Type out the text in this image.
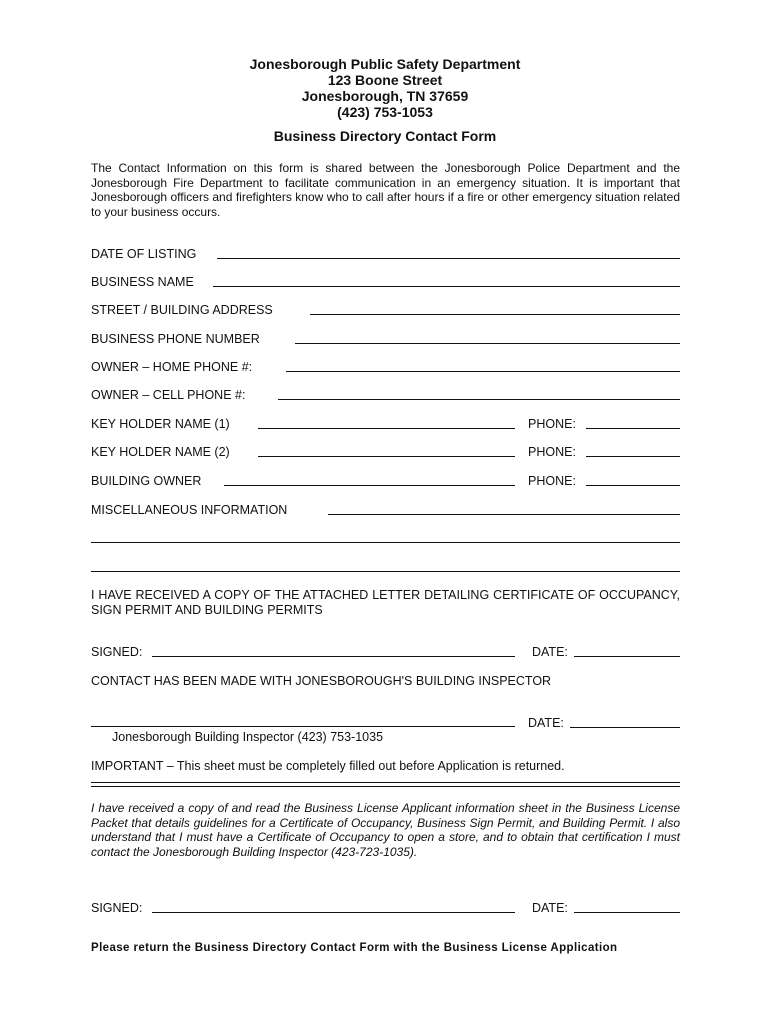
Jonesborough Public Safety Department
123 Boone Street
Jonesborough, TN 37659
(423) 753-1053
Business Directory Contact Form
The Contact Information on this form is shared between the Jonesborough Police Department and the Jonesborough Fire Department to facilitate communication in an emergency situation. It is important that Jonesborough officers and firefighters know who to call after hours if a fire or other emergency situation related to your business occurs.
DATE OF LISTING
BUSINESS NAME
STREET / BUILDING ADDRESS
BUSINESS PHONE NUMBER
OWNER – HOME PHONE #:
OWNER – CELL PHONE #:
KEY HOLDER NAME (1)	PHONE:
KEY HOLDER NAME (2)	PHONE:
BUILDING OWNER	PHONE:
MISCELLANEOUS INFORMATION
I HAVE RECEIVED A COPY OF THE ATTACHED LETTER DETAILING CERTIFICATE OF OCCUPANCY, SIGN PERMIT AND BUILDING PERMITS
SIGNED:	DATE:
CONTACT HAS BEEN MADE WITH JONESBOROUGH'S BUILDING INSPECTOR
DATE:
Jonesborough Building Inspector (423) 753-1035
IMPORTANT – This sheet must be completely filled out before Application is returned.
I have received a copy of and read the Business License Applicant information sheet in the Business License Packet that details guidelines for a Certificate of Occupancy, Business Sign Permit, and Building Permit. I also understand that I must have a Certificate of Occupancy to open a store, and to obtain that certification I must contact the Jonesborough Building Inspector (423-723-1035).
SIGNED:	DATE:
Please return the Business Directory Contact Form with the Business License Application
